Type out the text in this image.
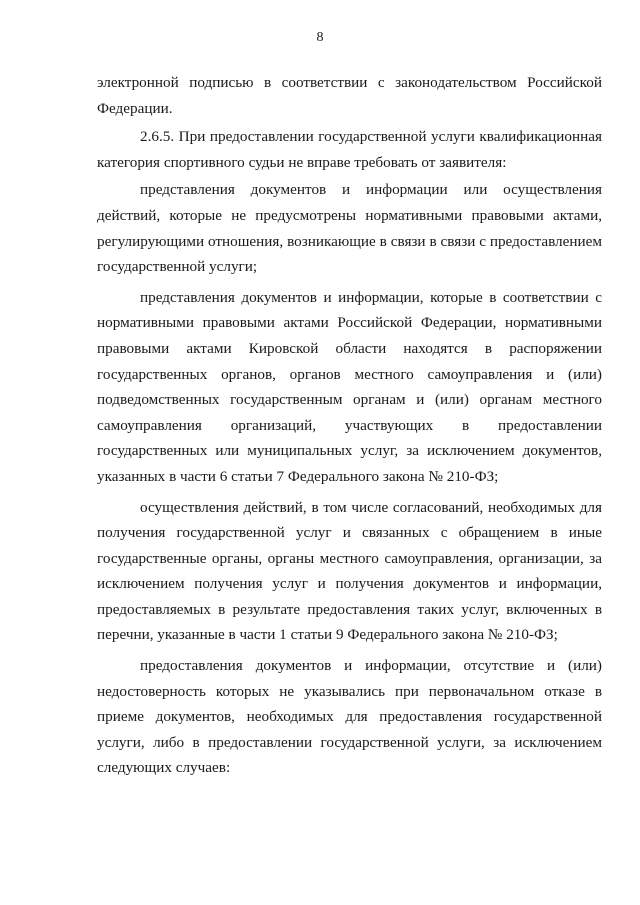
8

электронной подписью в соответствии с законодательством Российской Федерации.

2.6.5. При предоставлении государственной услуги квалификационная категория спортивного судьи не вправе требовать от заявителя:

представления документов и информации или осуществления действий, которые не предусмотрены нормативными правовыми актами, регулирующими отношения, возникающие в связи в связи с предоставлением государственной услуги;

представления документов и информации, которые в соответствии с нормативными правовыми актами Российской Федерации, нормативными правовыми актами Кировской области находятся в распоряжении государственных органов, органов местного самоуправления и (или) подведомственных государственным органам и (или) органам местного самоуправления организаций, участвующих в предоставлении государственных или муниципальных услуг, за исключением документов, указанных в части 6 статьи 7 Федерального закона № 210-ФЗ;

осуществления действий, в том числе согласований, необходимых для получения государственной услуг и связанных с обращением в иные государственные органы, органы местного самоуправления, организации, за исключением получения услуг и получения документов и информации, предоставляемых в результате предоставления таких услуг, включенных в перечни, указанные в части 1 статьи 9 Федерального закона № 210-ФЗ;

предоставления документов и информации, отсутствие и (или) недостоверность которых не указывались при первоначальном отказе в приеме документов, необходимых для предоставления государственной услуги, либо в предоставлении государственной услуги, за исключением следующих случаев:
